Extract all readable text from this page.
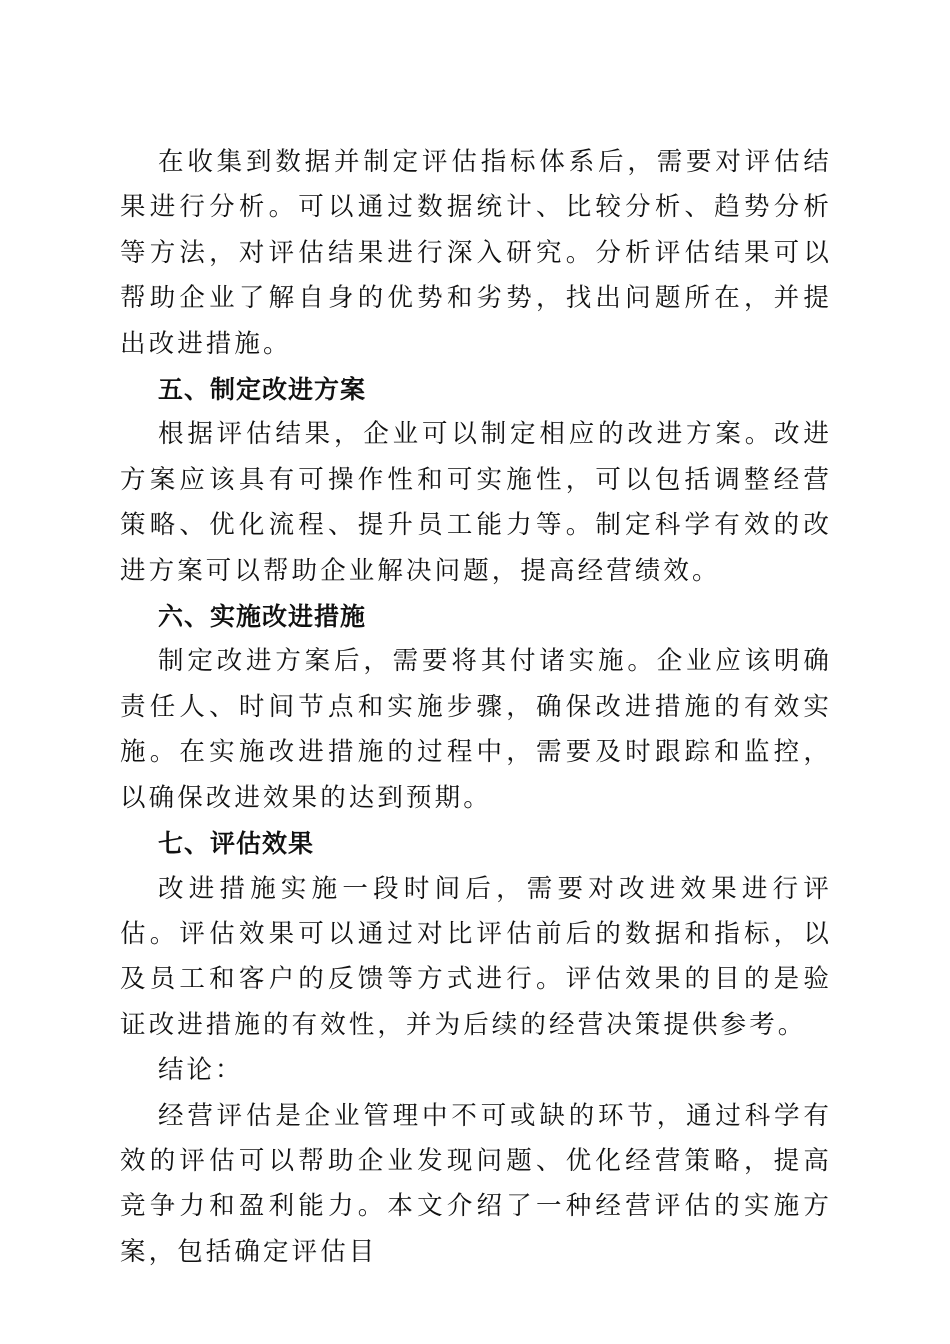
在收集到数据并制定评估指标体系后，需要对评估结果进行分析。可以通过数据统计、比较分析、趋势分析等方法，对评估结果进行深入研究。分析评估结果可以帮助企业了解自身的优势和劣势，找出问题所在，并提出改进措施。

五、制定改进方案

根据评估结果，企业可以制定相应的改进方案。改进方案应该具有可操作性和可实施性，可以包括调整经营策略、优化流程、提升员工能力等。制定科学有效的改进方案可以帮助企业解决问题，提高经营绩效。

六、实施改进措施

制定改进方案后，需要将其付诸实施。企业应该明确责任人、时间节点和实施步骤，确保改进措施的有效实施。在实施改进措施的过程中，需要及时跟踪和监控，以确保改进效果的达到预期。

七、评估效果

改进措施实施一段时间后，需要对改进效果进行评估。评估效果可以通过对比评估前后的数据和指标，以及员工和客户的反馈等方式进行。评估效果的目的是验证改进措施的有效性，并为后续的经营决策提供参考。

结论：

经营评估是企业管理中不可或缺的环节，通过科学有效的评估可以帮助企业发现问题、优化经营策略，提高竞争力和盈利能力。本文介绍了一种经营评估的实施方案，包括确定评估目
